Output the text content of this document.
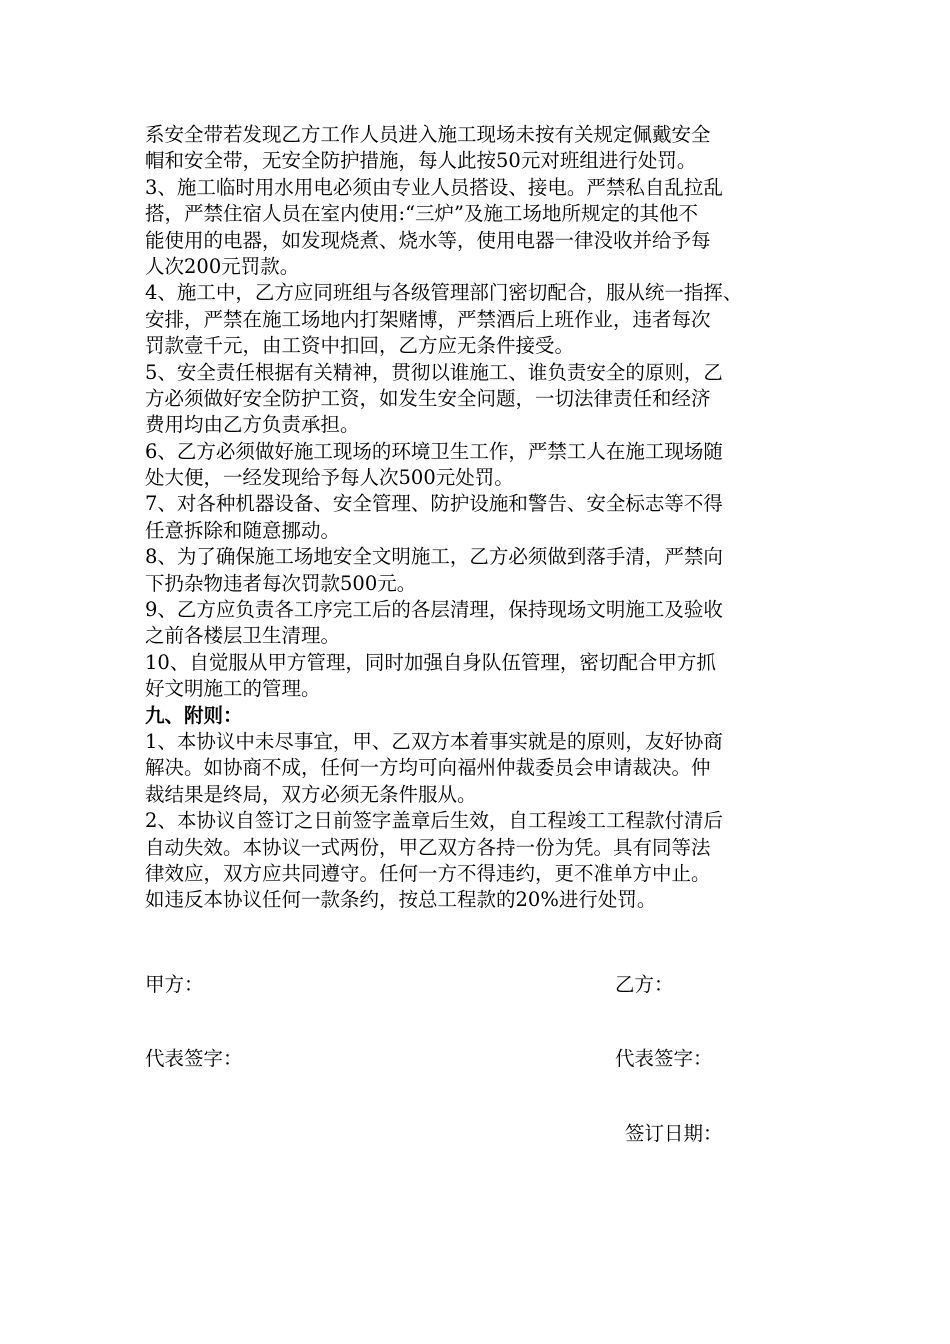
系安全带若发现乙方工作人员进入施工现场未按有关规定佩戴安全
帽和安全带，无安全防护措施，每人此按50元对班组进行处罚。
3、施工临时用水用电必须由专业人员搭设、接电。严禁私自乱拉乱
搭，严禁住宿人员在室内使用:“三炉”及施工场地所规定的其他不
能使用的电器，如发现烧煮、烧水等，使用电器一律没收并给予每
人次200元罚款。
4、施工中，乙方应同班组与各级管理部门密切配合，服从统一指挥、
安排，严禁在施工场地内打架赌博，严禁酒后上班作业，违者每次
罚款壹千元，由工资中扣回，乙方应无条件接受。
5、安全责任根据有关精神，贯彻以谁施工、谁负责安全的原则，乙
方必须做好安全防护工资，如发生安全问题，一切法律责任和经济
费用均由乙方负责承担。
6、乙方必须做好施工现场的环境卫生工作，严禁工人在施工现场随
处大便，一经发现给予每人次500元处罚。
7、对各种机器设备、安全管理、防护设施和警告、安全标志等不得
任意拆除和随意挪动。
8、为了确保施工场地安全文明施工，乙方必须做到落手清，严禁向
下扔杂物违者每次罚款500元。
9、乙方应负责各工序完工后的各层清理，保持现场文明施工及验收
之前各楼层卫生清理。
10、自觉服从甲方管理，同时加强自身队伍管理，密切配合甲方抓
好文明施工的管理。
九、附则：
1、本协议中未尽事宜，甲、乙双方本着事实就是的原则，友好协商
解决。如协商不成，任何一方均可向福州仲裁委员会申请裁决。仲
裁结果是终局，双方必须无条件服从。
2、本协议自签订之日前签字盖章后生效，自工程竣工工程款付清后
自动失效。本协议一式两份，甲乙双方各持一份为凭。具有同等法
律效应，双方应共同遵守。任何一方不得违约，更不准单方中止。
如违反本协议任何一款条约，按总工程款的20%进行处罚。
甲方：	乙方：
代表签字：	代表签字：
签订日期：
